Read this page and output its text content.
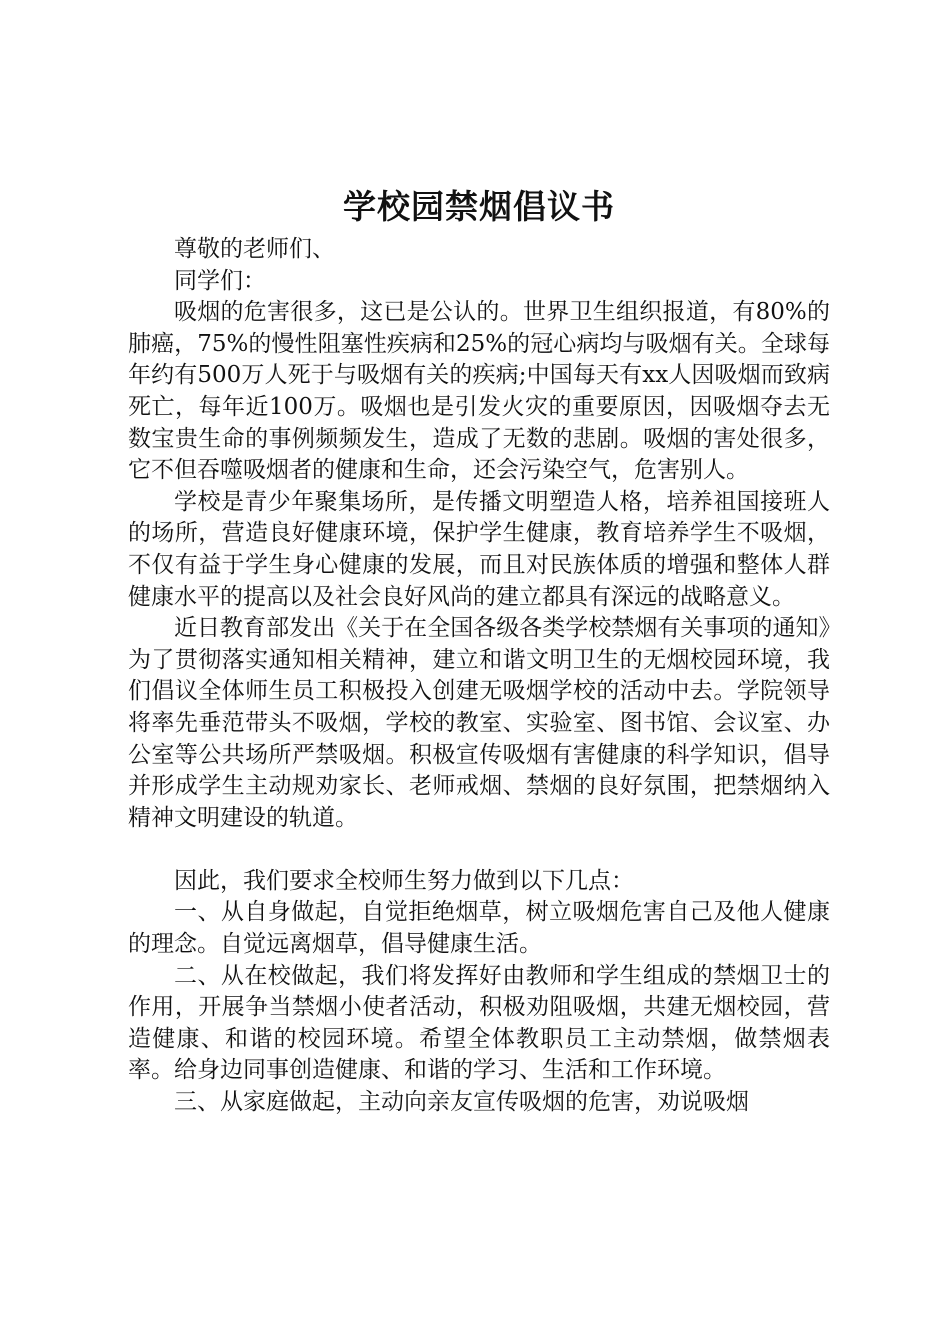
学校园禁烟倡议书

尊敬的老师们、

同学们：

吸烟的危害很多，这已是公认的。世界卫生组织报道，有80%的肺癌，75%的慢性阻塞性疾病和25%的冠心病均与吸烟有关。全球每年约有500万人死于与吸烟有关的疾病;中国每天有xx人因吸烟而致病死亡，每年近100万。吸烟也是引发火灾的重要原因，因吸烟夺去无数宝贵生命的事例频频发生，造成了无数的悲剧。吸烟的害处很多，它不但吞噬吸烟者的健康和生命，还会污染空气，危害别人。

学校是青少年聚集场所，是传播文明塑造人格，培养祖国接班人的场所，营造良好健康环境，保护学生健康，教育培养学生不吸烟，不仅有益于学生身心健康的发展，而且对民族体质的增强和整体人群健康水平的提高以及社会良好风尚的建立都具有深远的战略意义。

近日教育部发出《关于在全国各级各类学校禁烟有关事项的通知》为了贯彻落实通知相关精神，建立和谐文明卫生的无烟校园环境，我们倡议全体师生员工积极投入创建无吸烟学校的活动中去。学院领导将率先垂范带头不吸烟，学校的教室、实验室、图书馆、会议室、办公室等公共场所严禁吸烟。积极宣传吸烟有害健康的科学知识，倡导并形成学生主动规劝家长、老师戒烟、禁烟的良好氛围，把禁烟纳入精神文明建设的轨道。

因此，我们要求全校师生努力做到以下几点：

一、从自身做起，自觉拒绝烟草，树立吸烟危害自己及他人健康的理念。自觉远离烟草，倡导健康生活。

二、从在校做起，我们将发挥好由教师和学生组成的禁烟卫士的作用，开展争当禁烟小使者活动，积极劝阻吸烟，共建无烟校园，营造健康、和谐的校园环境。希望全体教职员工主动禁烟，做禁烟表率。给身边同事创造健康、和谐的学习、生活和工作环境。

三、从家庭做起，主动向亲友宣传吸烟的危害，劝说吸烟
